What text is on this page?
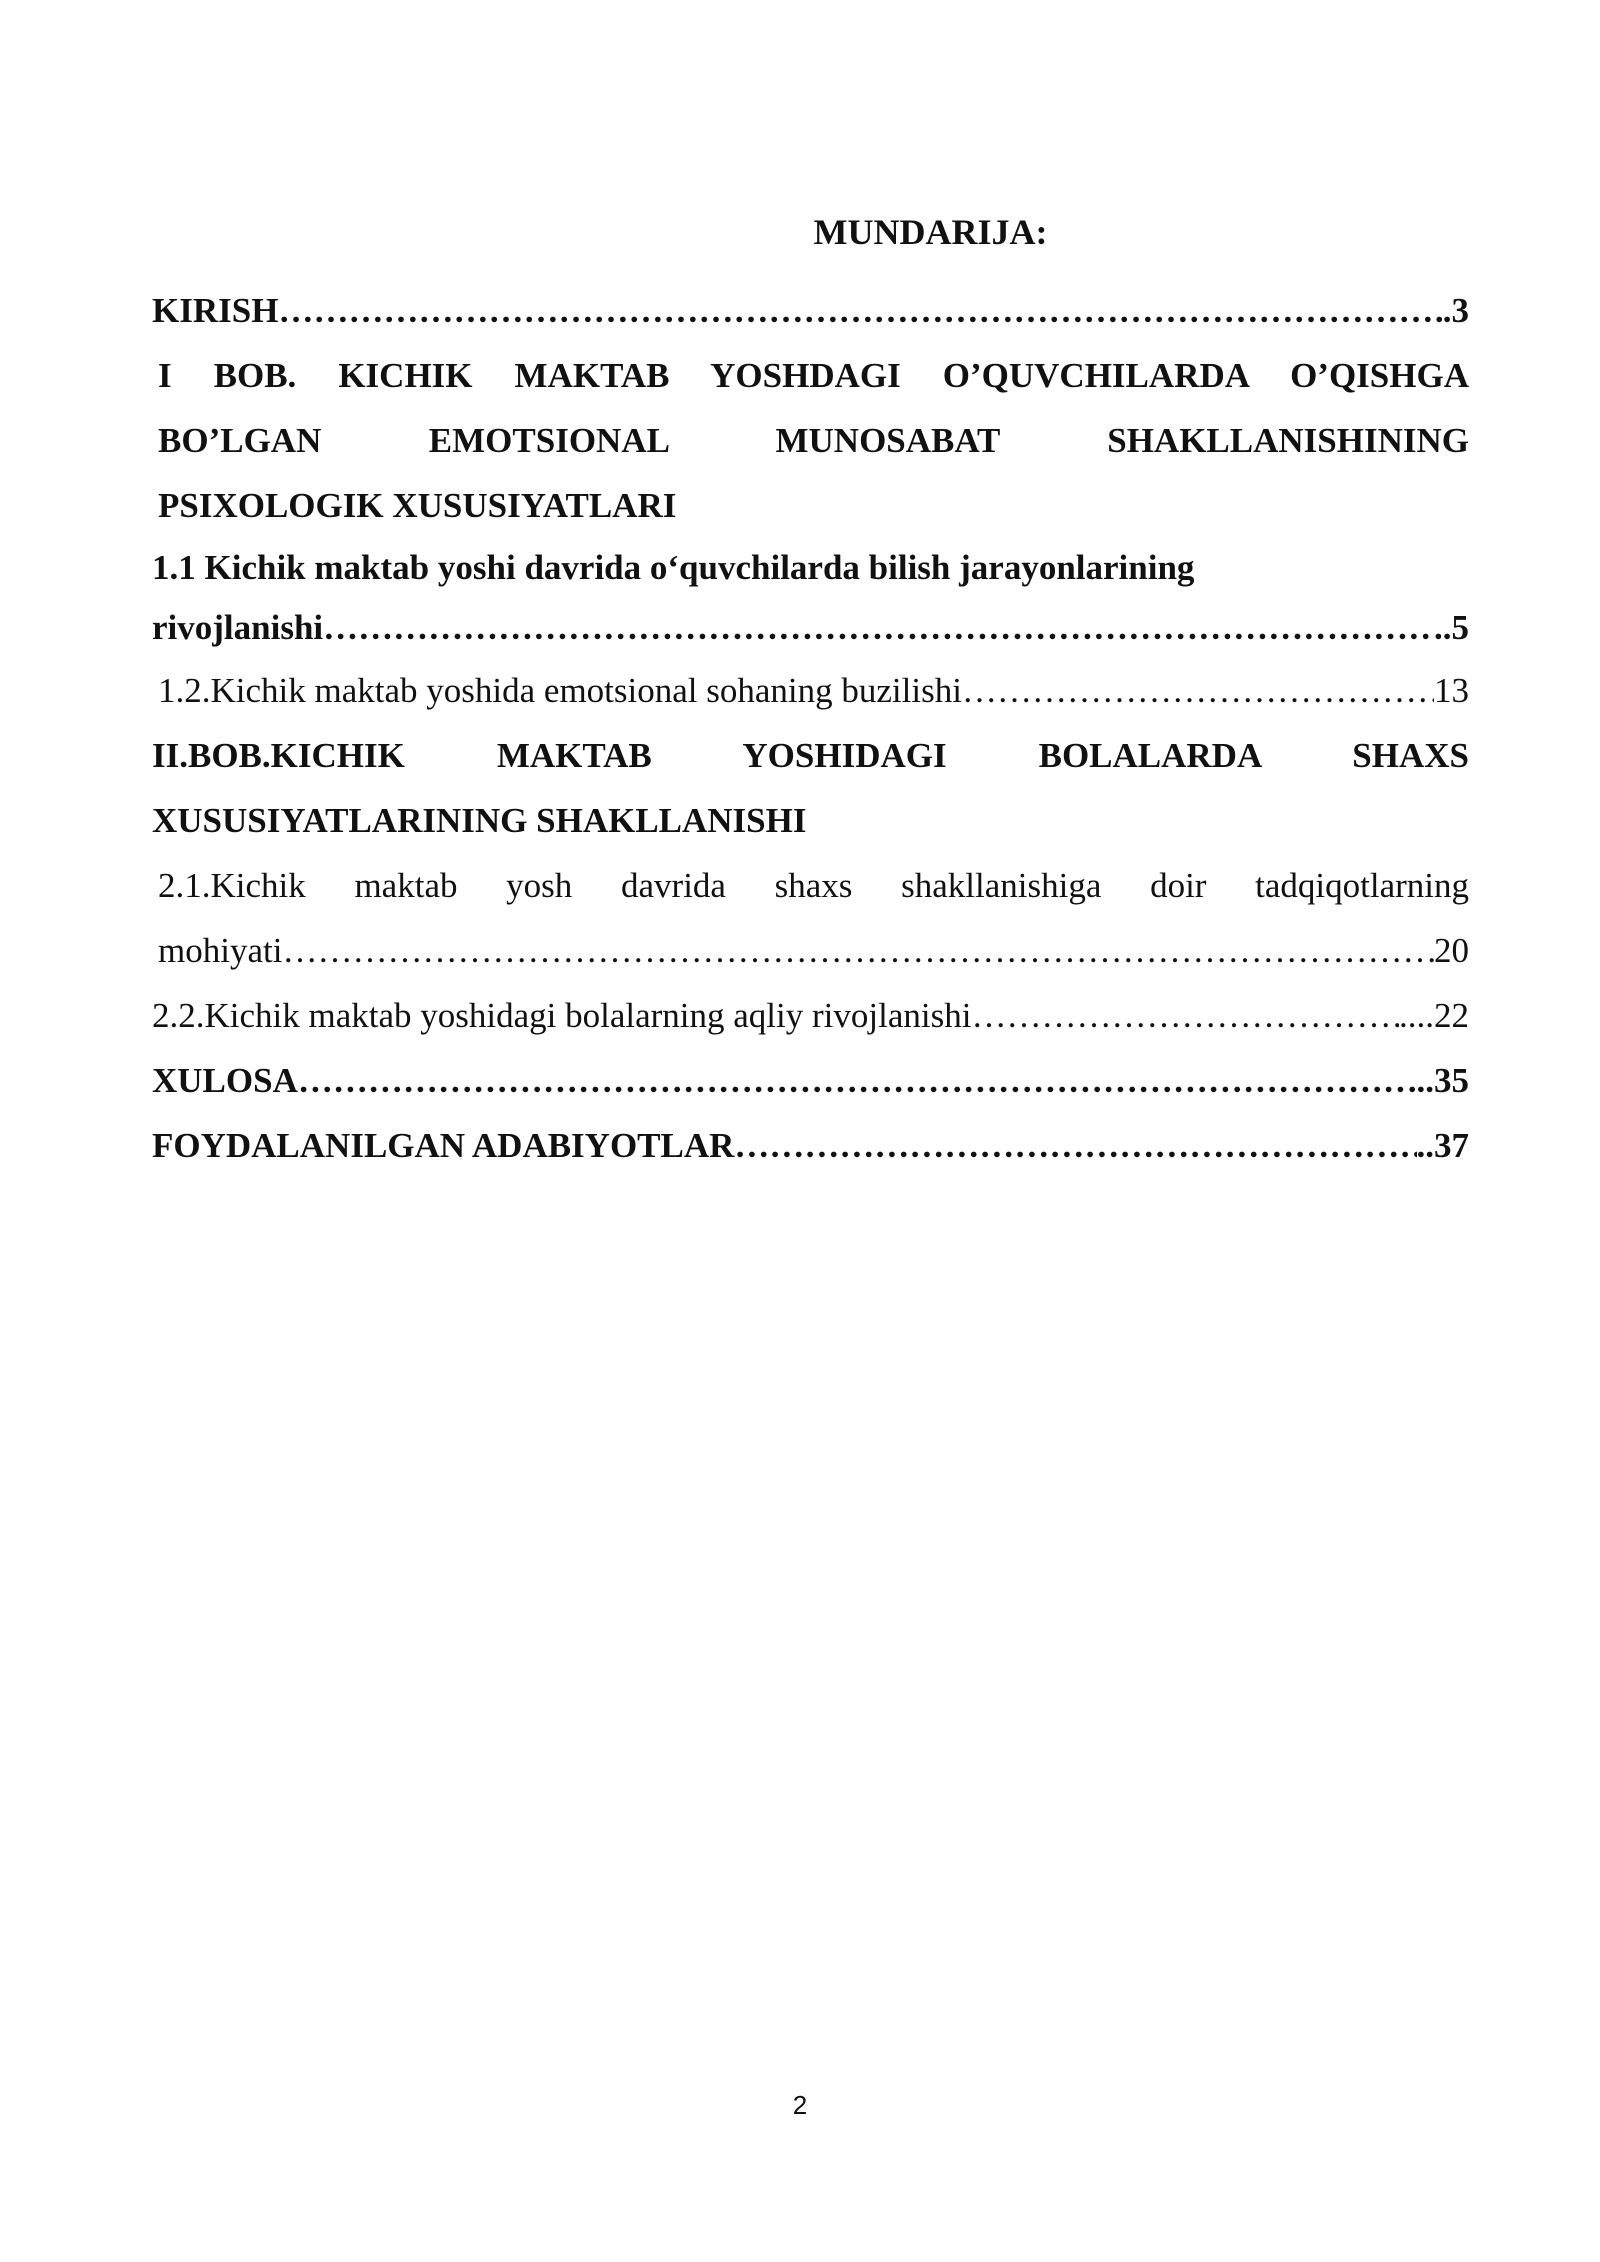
MUNDARIJA:
KIRISH …………………………………………………………………………………………………………………………………………………………………………………………	.3
I BOB. KICHIK MAKTAB YOSHDAGI O’QUVCHILARDA O’QISHGA
BO’LGAN EMOTSIONAL MUNOSABAT SHAKLLANISHINING
PSIXOLOGIK XUSUSIYATLARI
1.1 Kichik maktab yoshi davrida o‘quvchilarda bilish jarayonlarining
rivojlanishi …………………………………………………………………………………………………………………………………………………………………………………………	..5
1.2.Kichik maktab yoshida emotsional sohaning buzilishi …………………………………………………………………………………………………………………………………………………………………………………………	13
II.BOB.KICHIK MAKTAB YOSHIDAGI BOLALARDA SHAXS
XUSUSIYATLARINING SHAKLLANISHI
2.1.Kichik maktab yosh davrida shaxs shakllanishiga doir tadqiqotlarning
mohiyati …………………………………………………………………………………………………………………………………………………………………………………………	20
2.2.Kichik maktab yoshidagi bolalarning aqliy rivojlanishi …………………………………………………………………………………………………………………………………………………………………………………………	....22
XULOSA …………………………………………………………………………………………………………………………………………………………………………………………	..35
FOYDALANILGAN ADABIYOTLAR …………………………………………………………………………………………………………………………………………………………………………………………	..37
2
